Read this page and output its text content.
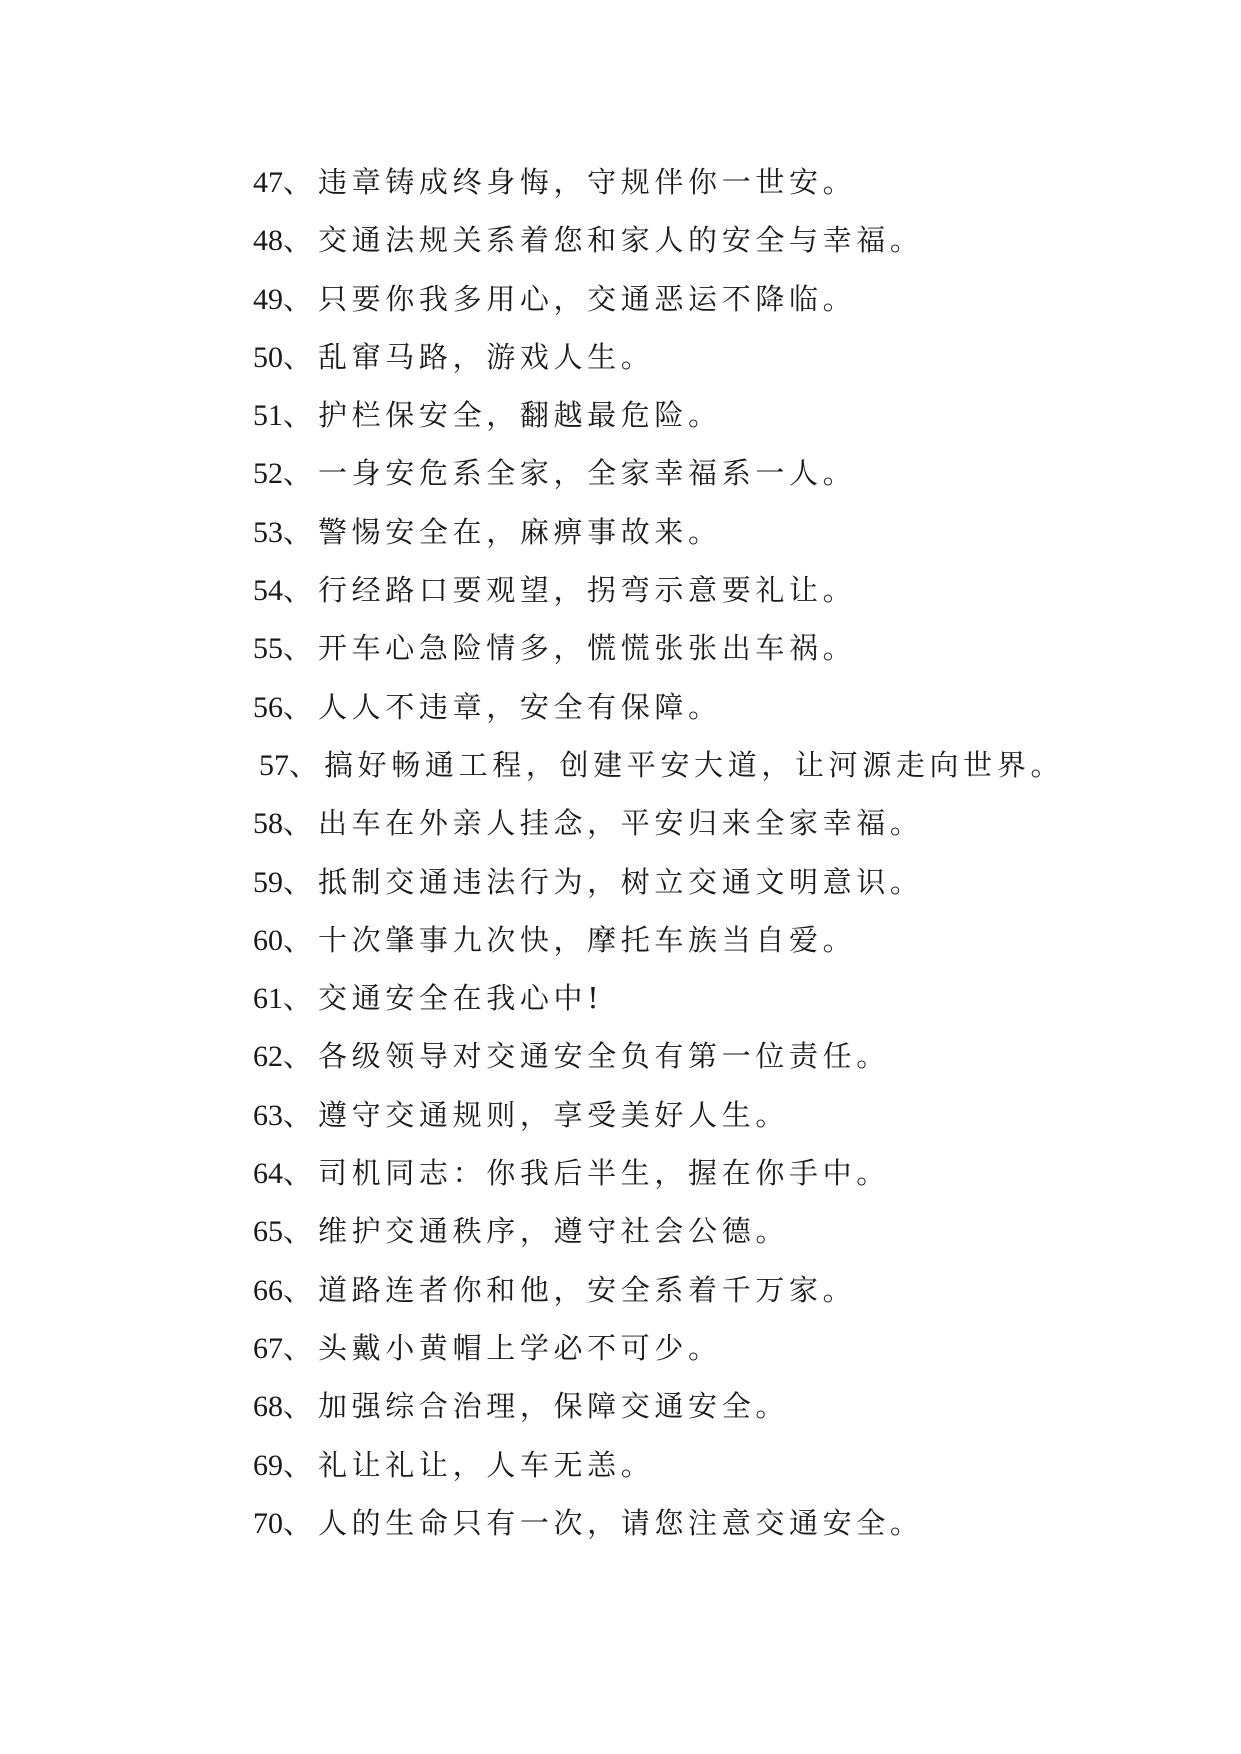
47 、 违章铸成终身悔，守规伴你一世安。
48 、 交通法规关系着您和家人的安全与幸福。
49 、 只要你我多用心，交通恶运不降临。
50 、 乱窜马路，游戏人生。
51 、 护栏保安全，翻越最危险。
52 、 一身安危系全家，全家幸福系一人。
53 、 警惕安全在，麻痹事故来。
54 、 行经路口要观望，拐弯示意要礼让。
55 、 开车心急险情多，慌慌张张出车祸。
56 、 人人不违章，安全有保障。
57 、 搞好畅通工程，创建平安大道，让河源走向世界。
58 、 出车在外亲人挂念，平安归来全家幸福。
59 、 抵制交通违法行为，树立交通文明意识。
60 、 十次肇事九次快，摩托车族当自爱。
61 、 交通安全在我心中!
62 、 各级领导对交通安全负有第一位责任。
63 、 遵守交通规则，享受美好人生。
64 、 司机同志：你我后半生，握在你手中。
65 、 维护交通秩序，遵守社会公德。
66 、 道路连者你和他，安全系着千万家。
67 、 头戴小黄帽上学必不可少。
68 、 加强综合治理，保障交通安全。
69 、 礼让礼让，人车无恙。
70 、 人的生命只有一次，请您注意交通安全。
